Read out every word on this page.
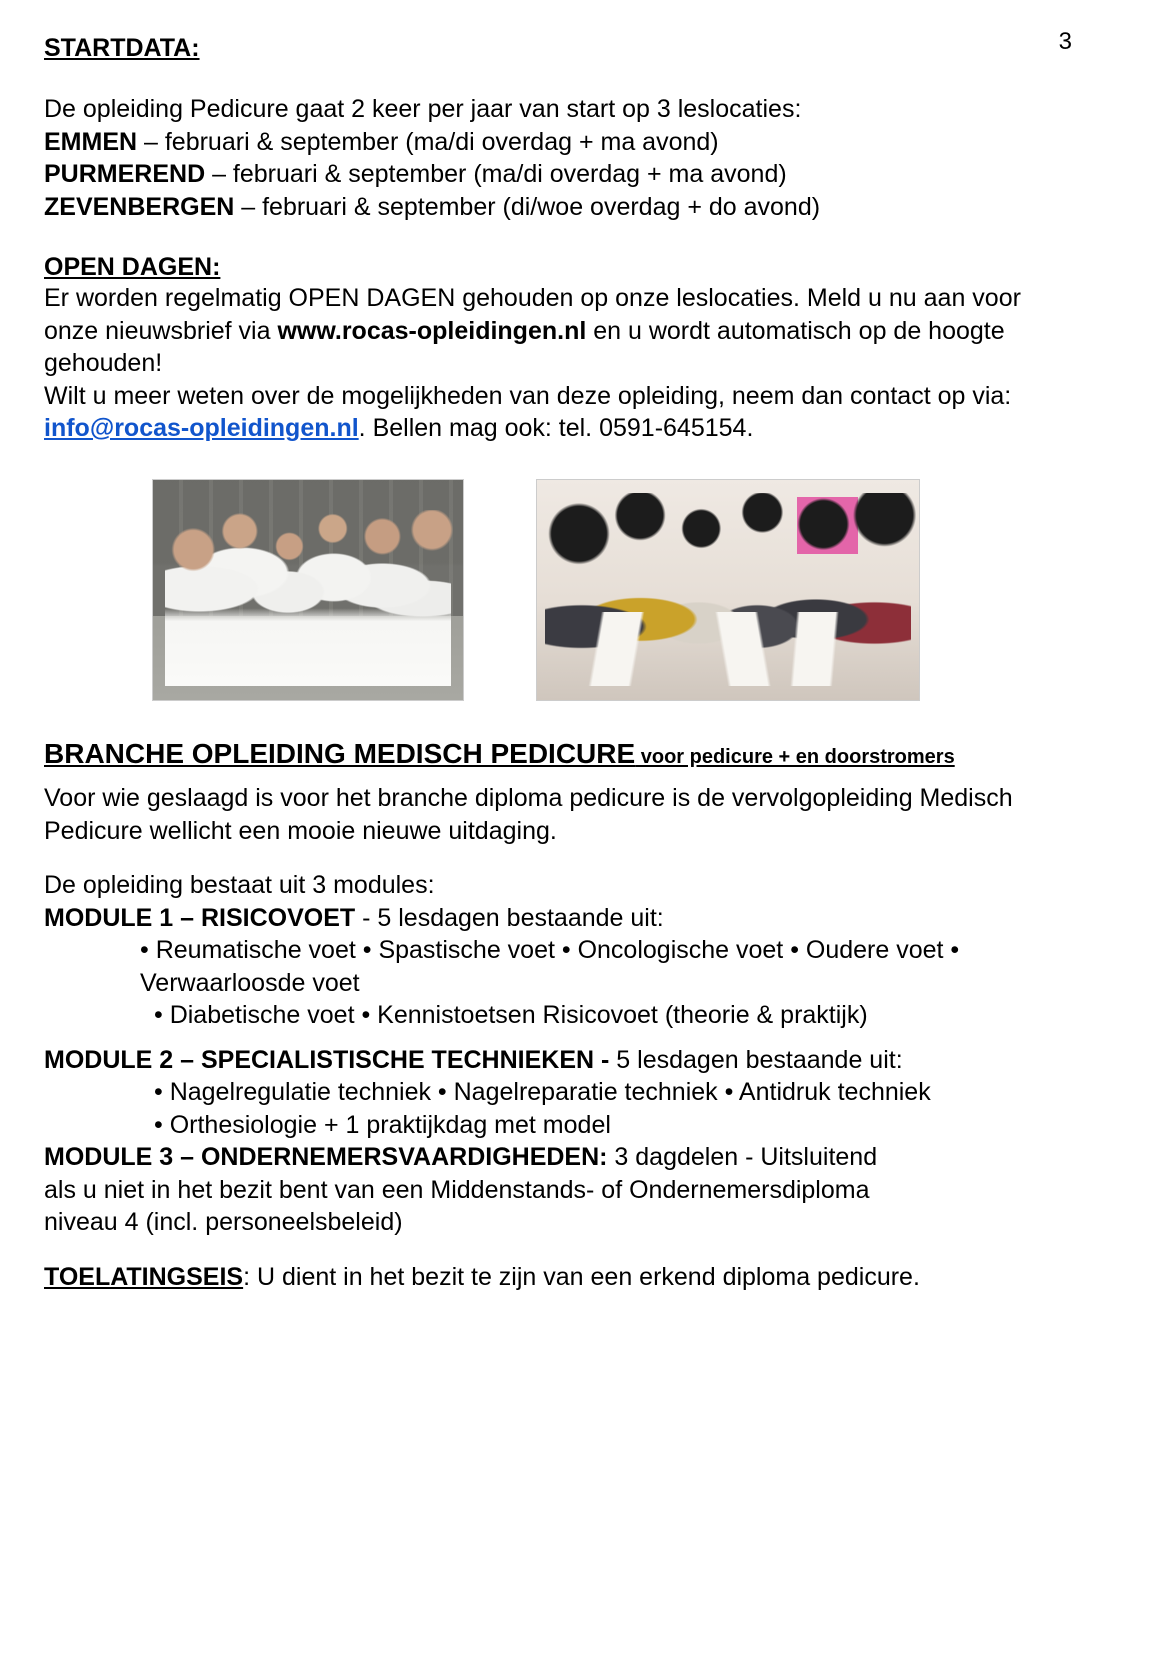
3
STARTDATA:
De opleiding Pedicure gaat 2 keer per jaar van start op 3 leslocaties:
EMMEN – februari & september (ma/di overdag + ma avond)
PURMEREND – februari & september (ma/di overdag + ma avond)
ZEVENBERGEN – februari & september (di/woe overdag + do avond)
OPEN DAGEN:
Er worden regelmatig OPEN DAGEN gehouden op onze leslocaties. Meld u nu aan voor onze nieuwsbrief via www.rocas-opleidingen.nl en u wordt automatisch op de hoogte gehouden!
Wilt u meer weten over de mogelijkheden van deze opleiding, neem dan contact op via: info@rocas-opleidingen.nl. Bellen mag ook: tel. 0591-645154.
BRANCHE OPLEIDING MEDISCH PEDICURE voor pedicure + en doorstromers
Voor wie geslaagd is voor het branche diploma pedicure is de vervolgopleiding Medisch Pedicure wellicht een mooie nieuwe uitdaging.
De opleiding bestaat uit 3 modules:
MODULE 1 – RISICOVOET - 5 lesdagen bestaande uit:
• Reumatische voet • Spastische voet • Oncologische voet • Oudere voet • Verwaarloosde voet
• Diabetische voet • Kennistoetsen Risicovoet (theorie & praktijk)
MODULE 2 – SPECIALISTISCHE TECHNIEKEN - 5 lesdagen bestaande uit:
• Nagelregulatie techniek • Nagelreparatie techniek • Antidruk techniek
• Orthesiologie + 1 praktijkdag met model
MODULE 3 – ONDERNEMERSVAARDIGHEDEN: 3 dagdelen - Uitsluitend
als u niet in het bezit bent van een Middenstands- of Ondernemersdiploma
niveau 4 (incl. personeelsbeleid)
TOELATINGSEIS: U dient in het bezit te zijn van een erkend diploma pedicure.
